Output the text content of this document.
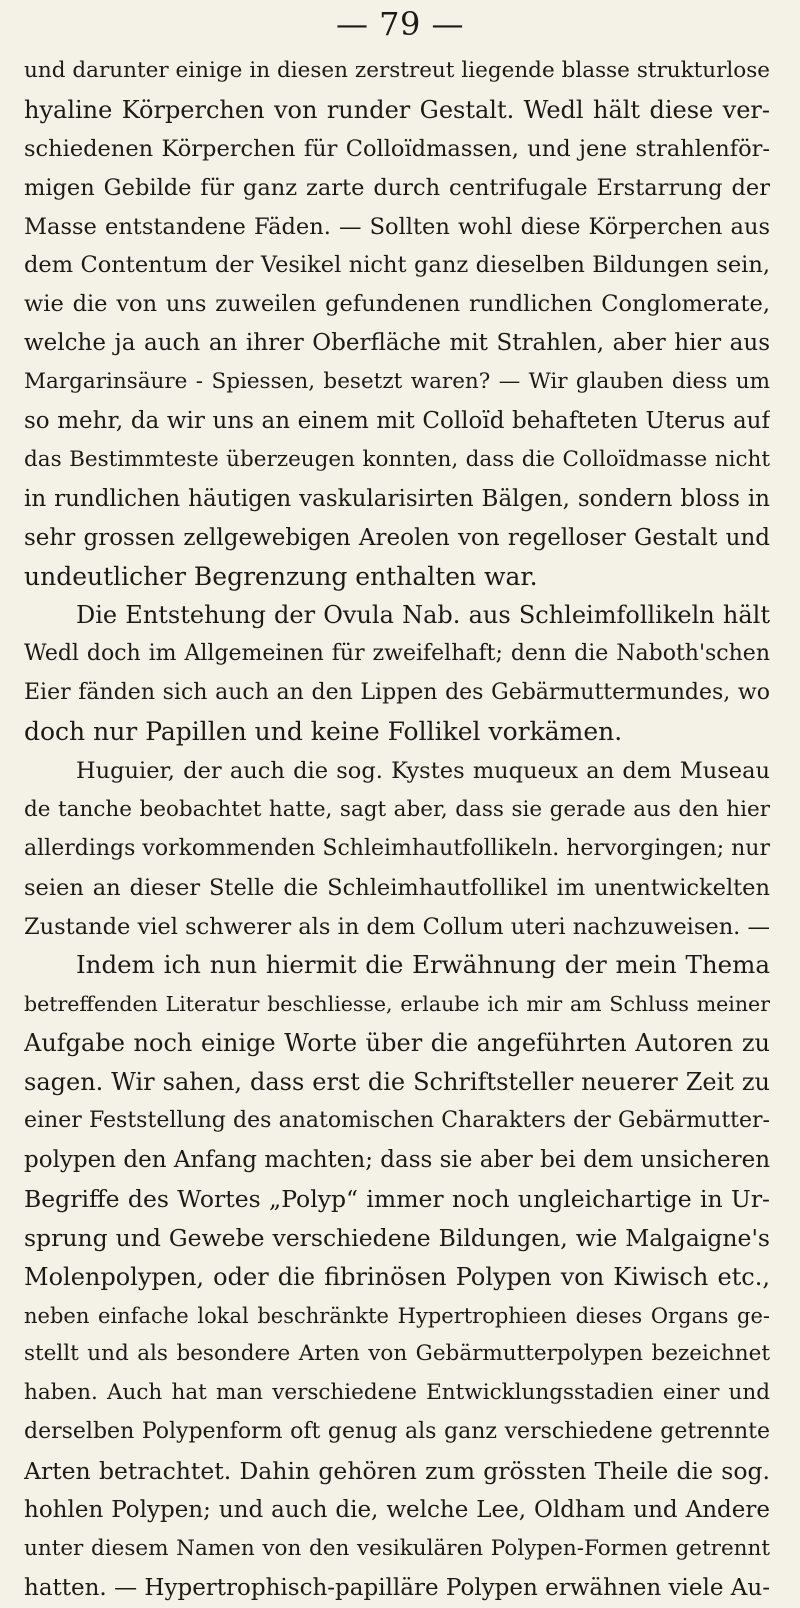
— 79 —
und darunter einige in diesen zerstreut liegende blasse strukturlose
hyaline Körperchen von runder Gestalt. Wedl hält diese ver-
schiedenen Körperchen für Colloïdmassen, und jene strahlenför-
migen Gebilde für ganz zarte durch centrifugale Erstarrung der
Masse entstandene Fäden. — Sollten wohl diese Körperchen aus
dem Contentum der Vesikel nicht ganz dieselben Bildungen sein,
wie die von uns zuweilen gefundenen rundlichen Conglomerate,
welche ja auch an ihrer Oberfläche mit Strahlen, aber hier aus
Margarinsäure - Spiessen, besetzt waren? — Wir glauben diess um
so mehr, da wir uns an einem mit Colloïd behafteten Uterus auf
das Bestimmteste überzeugen konnten, dass die Colloïdmasse nicht
in rundlichen häutigen vaskularisirten Bälgen, sondern bloss in
sehr grossen zellgewebigen Areolen von regelloser Gestalt und
undeutlicher Begrenzung enthalten war.
Die Entstehung der Ovula Nab. aus Schleimfollikeln hält
Wedl doch im Allgemeinen für zweifelhaft; denn die Naboth'schen
Eier fänden sich auch an den Lippen des Gebärmuttermundes, wo
doch nur Papillen und keine Follikel vorkämen.
Huguier, der auch die sog. Kystes muqueux an dem Museau
de tanche beobachtet hatte, sagt aber, dass sie gerade aus den hier
allerdings vorkommenden Schleimhautfollikeln. hervorgingen; nur
seien an dieser Stelle die Schleimhautfollikel im unentwickelten
Zustande viel schwerer als in dem Collum uteri nachzuweisen. —
Indem ich nun hiermit die Erwähnung der mein Thema
betreffenden Literatur beschliesse, erlaube ich mir am Schluss meiner
Aufgabe noch einige Worte über die angeführten Autoren zu
sagen. Wir sahen, dass erst die Schriftsteller neuerer Zeit zu
einer Feststellung des anatomischen Charakters der Gebärmutter-
polypen den Anfang machten; dass sie aber bei dem unsicheren
Begriffe des Wortes „Polyp“ immer noch ungleichartige in Ur-
sprung und Gewebe verschiedene Bildungen, wie Malgaigne's
Molenpolypen, oder die fibrinösen Polypen von Kiwisch etc.,
neben einfache lokal beschränkte Hypertrophieen dieses Organs ge-
stellt und als besondere Arten von Gebärmutterpolypen bezeichnet
haben. Auch hat man verschiedene Entwicklungsstadien einer und
derselben Polypenform oft genug als ganz verschiedene getrennte
Arten betrachtet. Dahin gehören zum grössten Theile die sog.
hohlen Polypen; und auch die, welche Lee, Oldham und Andere
unter diesem Namen von den vesikulären Polypen-Formen getrennt
hatten. — Hypertrophisch-papilläre Polypen erwähnen viele Au-
